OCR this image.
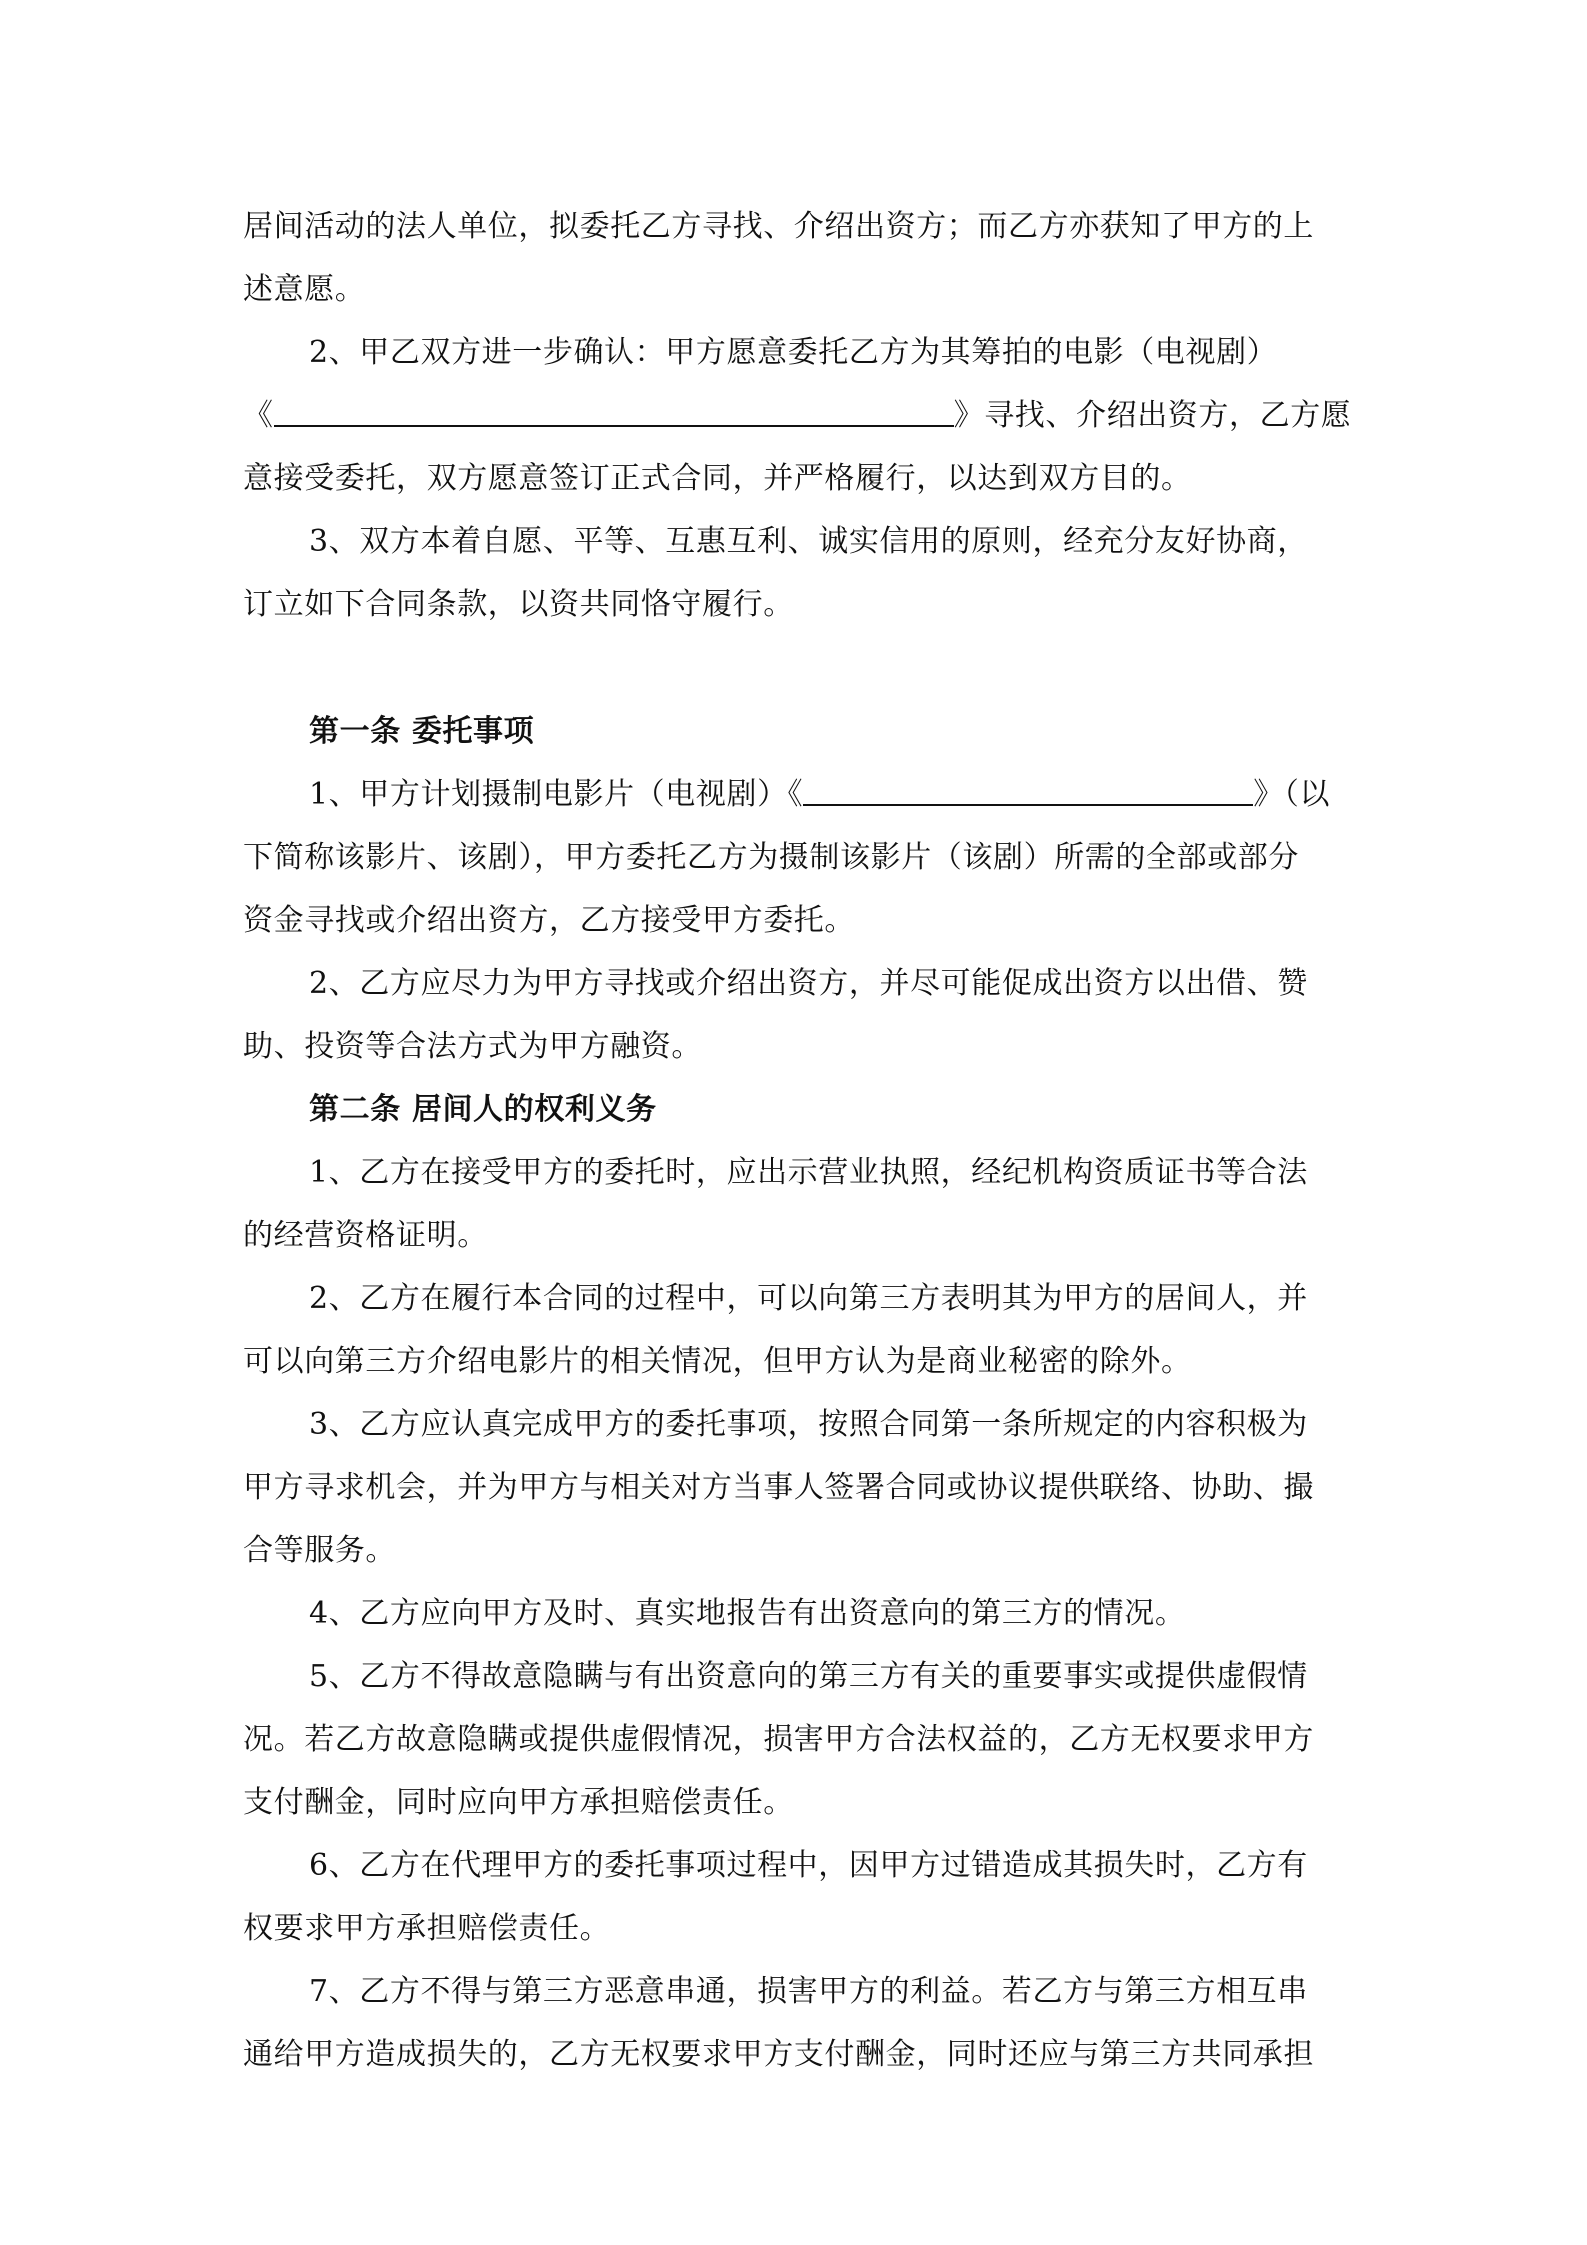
居间活动的法人单位，拟委托乙方寻找、介绍出资方；而乙方亦获知了甲方的上
述意愿。
2、甲乙双方进一步确认：甲方愿意委托乙方为其筹拍的电影（电视剧）
《	》寻找、介绍出资方，乙方愿
意接受委托，双方愿意签订正式合同，并严格履行，以达到双方目的。
3、双方本着自愿、平等、互惠互利、诚实信用的原则，经充分友好协商，
订立如下合同条款，以资共同恪守履行。
第一条 委托事项
1、甲方计划摄制电影片（电视剧）《	》（以
下简称该影片、该剧），甲方委托乙方为摄制该影片（该剧）所需的全部或部分
资金寻找或介绍出资方，乙方接受甲方委托。
2、乙方应尽力为甲方寻找或介绍出资方，并尽可能促成出资方以出借、赞
助、投资等合法方式为甲方融资。
第二条 居间人的权利义务
1、乙方在接受甲方的委托时，应出示营业执照，经纪机构资质证书等合法
的经营资格证明。
2、乙方在履行本合同的过程中，可以向第三方表明其为甲方的居间人，并
可以向第三方介绍电影片的相关情况，但甲方认为是商业秘密的除外。
3、乙方应认真完成甲方的委托事项，按照合同第一条所规定的内容积极为
甲方寻求机会，并为甲方与相关对方当事人签署合同或协议提供联络、协助、撮
合等服务。
4、乙方应向甲方及时、真实地报告有出资意向的第三方的情况。
5、乙方不得故意隐瞒与有出资意向的第三方有关的重要事实或提供虚假情
况。若乙方故意隐瞒或提供虚假情况，损害甲方合法权益的，乙方无权要求甲方
支付酬金，同时应向甲方承担赔偿责任。
6、乙方在代理甲方的委托事项过程中，因甲方过错造成其损失时，乙方有
权要求甲方承担赔偿责任。
7、乙方不得与第三方恶意串通，损害甲方的利益。若乙方与第三方相互串
通给甲方造成损失的，乙方无权要求甲方支付酬金，同时还应与第三方共同承担
